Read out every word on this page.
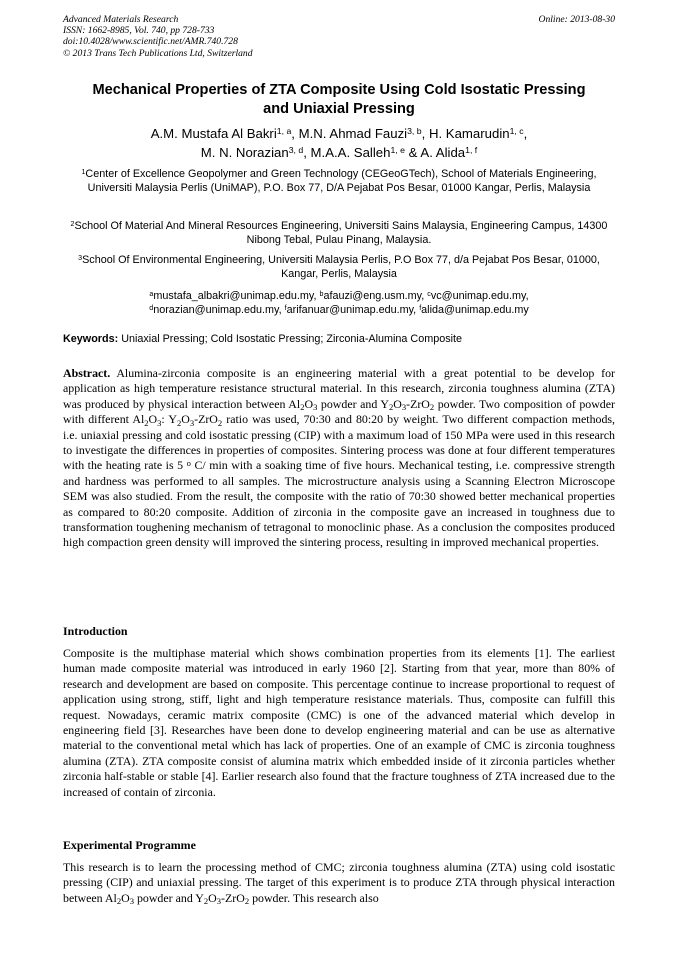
Advanced Materials Research
ISSN: 1662-8985, Vol. 740, pp 728-733
doi:10.4028/www.scientific.net/AMR.740.728
© 2013 Trans Tech Publications Ltd, Switzerland
Online: 2013-08-30
Mechanical Properties of ZTA Composite Using Cold Isostatic Pressing
and Uniaxial Pressing
A.M. Mustafa Al Bakri$^{1, a}$, M.N. Ahmad Fauzi$^{3, b}$, H. Kamarudin$^{1, c}$,
M. N. Norazian$^{3, d}$, M.A.A. Salleh$^{1, e}$ & A. Alida$^{1, f}$
$^1$Center of Excellence Geopolymer and Green Technology (CEGeoGTech), School of Materials Engineering, Universiti Malaysia Perlis (UniMAP), P.O. Box 77, D/A Pejabat Pos Besar, 01000 Kangar, Perlis, Malaysia
$^2$School Of Material And Mineral Resources Engineering, Universiti Sains Malaysia, Engineering Campus, 14300 Nibong Tebal, Pulau Pinang, Malaysia.
$^3$School Of Environmental Engineering, Universiti Malaysia Perlis, P.O Box 77, d/a Pejabat Pos Besar, 01000, Kangar, Perlis, Malaysia
$^a$mustafa_albakri@unimap.edu.my, $^b$afauzi@eng.usm.my, $^c$vc@unimap.edu.my,
$^d$norazian@unimap.edu.my, $^f$arifanuar@unimap.edu.my, $^f$alida@unimap.edu.my
Keywords: Uniaxial Pressing; Cold Isostatic Pressing; Zirconia-Alumina Composite
Abstract. Alumina-zirconia composite is an engineering material with a great potential to be develop for application as high temperature resistance structural material. In this research, zirconia toughness alumina (ZTA) was produced by physical interaction between $Al_2O_3$ powder and $Y_2O_3-ZrO_2$ powder. Two composition of powder with different $Al_2O_3$: $Y_2O_3-ZrO_2$ ratio was used, 70:30 and 80:20 by weight. Two different compaction methods, i.e. uniaxial pressing and cold isostatic pressing (CIP) with a maximum load of 150 MPa were used in this research to investigate the differences in properties of composites. Sintering process was done at four different temperatures with the heating rate is 5 $^o$ C/ min with a soaking time of five hours. Mechanical testing, i.e. compressive strength and hardness was performed to all samples. The microstructure analysis using a Scanning Electron Microscope SEM was also studied. From the result, the composite with the ratio of 70:30 showed better mechanical properties as compared to 80:20 composite. Addition of zirconia in the composite gave an increased in toughness due to transformation toughening mechanism of tetragonal to monoclinic phase. As a conclusion the composites produced high compaction green density will improved the sintering process, resulting in improved mechanical properties.
Introduction
Composite is the multiphase material which shows combination properties from its elements [1]. The earliest human made composite material was introduced in early 1960 [2]. Starting from that year, more than 80% of research and development are based on composite. This percentage continue to increase proportional to request of application using strong, stiff, light and high temperature resistance materials. Thus, composite can fulfill this request. Nowadays, ceramic matrix composite (CMC) is one of the advanced material which develop in engineering field [3]. Researches have been done to develop engineering material and can be use as alternative material to the conventional metal which has lack of properties. One of an example of CMC is zirconia toughness alumina (ZTA). ZTA composite consist of alumina matrix which embedded inside of it zirconia particles whether zirconia half-stable or stable [4]. Earlier research also found that the fracture toughness of ZTA increased due to the increased of contain of zirconia.
Experimental Programme
This research is to learn the processing method of CMC; zirconia toughness alumina (ZTA) using cold isostatic pressing (CIP) and uniaxial pressing. The target of this experiment is to produce ZTA through physical interaction between $Al_2O_3$ powder and $Y_2O_3-ZrO_2$ powder. This research also
